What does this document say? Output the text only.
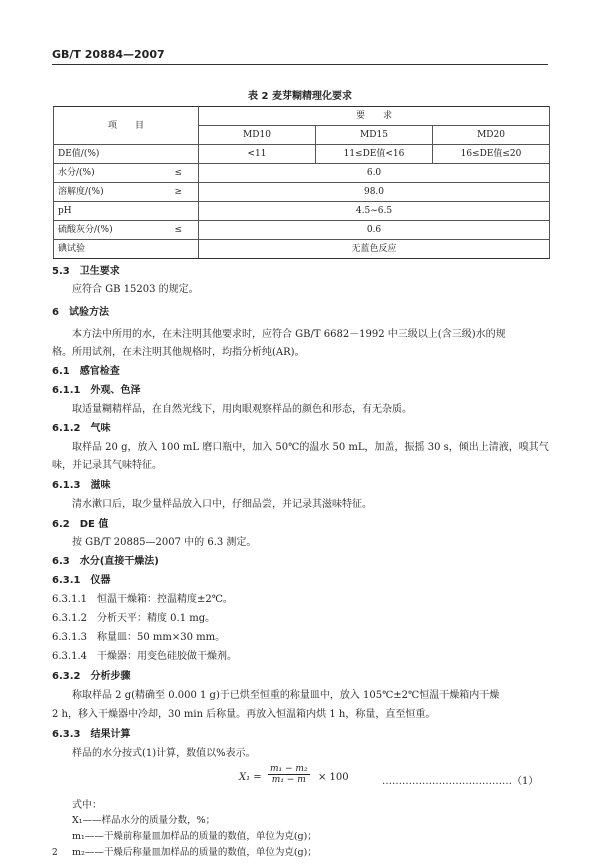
GB/T 20884—2007
表 2 麦芽糊精理化要求
项　　目	要　　求		
	MD10	MD15	MD20
DE值/(%)	<11	11≤DE值<16	16≤DE值≤20
水分/(%) ≤	6.0		
溶解度/(%) ≥	98.0		
pH	4.5~6.5		
硫酸灰分/(%) ≤	0.6		
碘试验	无蓝色反应		
5.3　卫生要求
应符合 GB 15203 的规定。
6　试验方法
本方法中所用的水，在未注明其他要求时，应符合 GB/T 6682－1992 中三级以上(含三级)水的规
格。所用试剂，在未注明其他规格时，均指分析纯(AR)。
6.1　感官检查
6.1.1　外观、色泽
取适量糊精样品，在自然光线下，用肉眼观察样品的颜色和形态，有无杂质。
6.1.2　气味
取样品 20 g，放入 100 mL 磨口瓶中，加入 50℃的温水 50 mL，加盖，振摇 30 s，倾出上清液，嗅其气
味，并记录其气味特征。
6.1.3　滋味
清水漱口后，取少量样品放入口中，仔细品尝，并记录其滋味特征。
6.2　DE 值
按 GB/T 20885—2007 中的 6.3 测定。
6.3　水分(直接干燥法)
6.3.1　仪器
6.3.1.1　恒温干燥箱：控温精度±2℃。
6.3.1.2　分析天平：精度 0.1 mg。
6.3.1.3　称量皿：50 mm×30 mm。
6.3.1.4　干燥器：用变色硅胶做干燥剂。
6.3.2　分析步骤
称取样品 2 g(精确至 0.000 1 g)于已烘至恒重的称量皿中，放入 105℃±2℃恒温干燥箱内干燥
2 h，移入干燥器中冷却，30 min 后称量。再放入恒温箱内烘 1 h，称量，直至恒重。
6.3.3　结果计算
样品的水分按式(1)计算，数值以%表示。
$X_1 = \frac{\text{m₁ − m₂}}{\text{m₁ − m}} \times 100$	…………………………………（1）
式中：
X₁——样品水分的质量分数，%；
m₁——干燥前称量皿加样品的质量的数值，单位为克(g)；
m₂——干燥后称量皿加样品的质量的数值，单位为克(g)；
2
